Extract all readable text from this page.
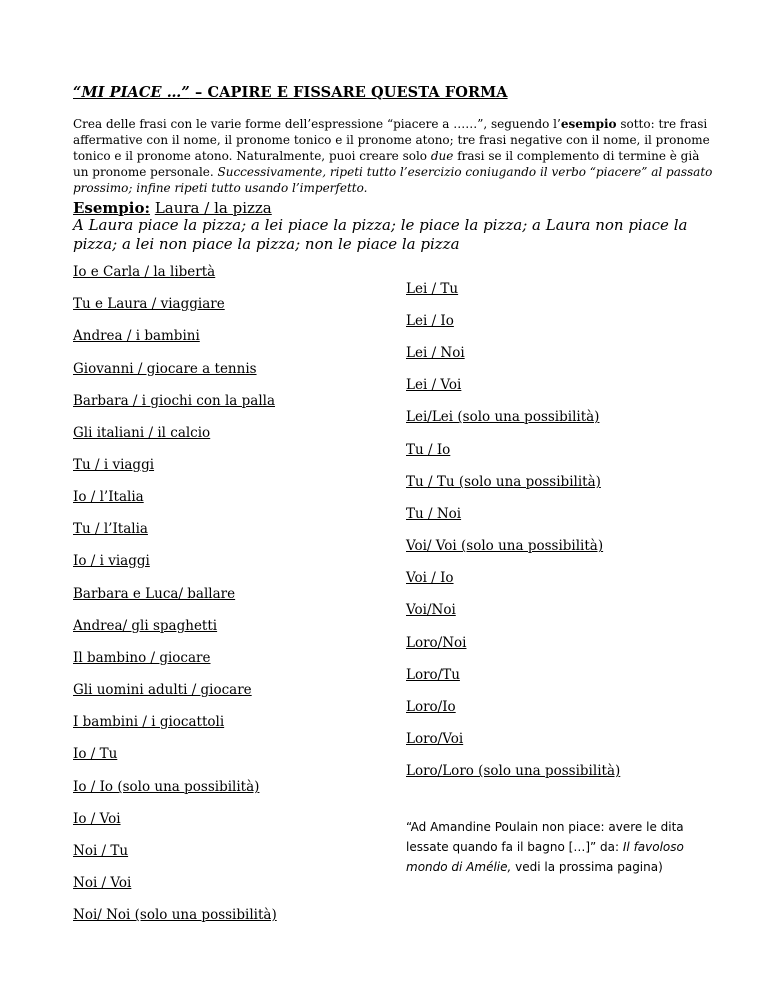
“MI PIACE …” – CAPIRE E FISSARE QUESTA FORMA
Crea delle frasi con le varie forme dell’espressione “piacere a ……”, seguendo l’esempio sotto: tre frasi affermative con il nome, il pronome tonico e il pronome atono; tre frasi negative con il nome, il pronome tonico e il pronome atono. Naturalmente, puoi creare solo due frasi se il complemento di termine è già un pronome personale. Successivamente, ripeti tutto l’esercizio coniugando il verbo “piacere” al passato prossimo; infine ripeti tutto usando l’imperfetto.
Esempio: Laura / la pizza
A Laura piace la pizza; a lei piace la pizza; le piace la pizza; a Laura non piace la pizza; a lei non piace la pizza; non le piace la pizza
Io e Carla / la libertà
Tu e Laura / viaggiare
Andrea / i bambini
Giovanni / giocare a tennis
Barbara / i giochi con la palla
Gli italiani / il calcio
Tu / i viaggi
Io / l’Italia
Tu / l’Italia
Io / i viaggi
Barbara e Luca/ ballare
Andrea/ gli spaghetti
Il bambino / giocare
Gli uomini adulti / giocare
I bambini / i giocattoli
Io / Tu
Io / Io (solo una possibilità)
Io / Voi
Noi / Tu
Noi / Voi
Noi/ Noi (solo una possibilità)
Lei / Tu
Lei / Io
Lei / Noi
Lei / Voi
Lei/Lei (solo una possibilità)
Tu / Io
Tu / Tu (solo una possibilità)
Tu / Noi
Voi/ Voi (solo una possibilità)
Voi / Io
Voi/Noi
Loro/Noi
Loro/Tu
Loro/Io
Loro/Voi
Loro/Loro (solo una possibilità)
“Ad Amandine Poulain non piace: avere le dita lessate quando fa il bagno […]” da: Il favoloso mondo di Amélie, vedi la prossima pagina)
